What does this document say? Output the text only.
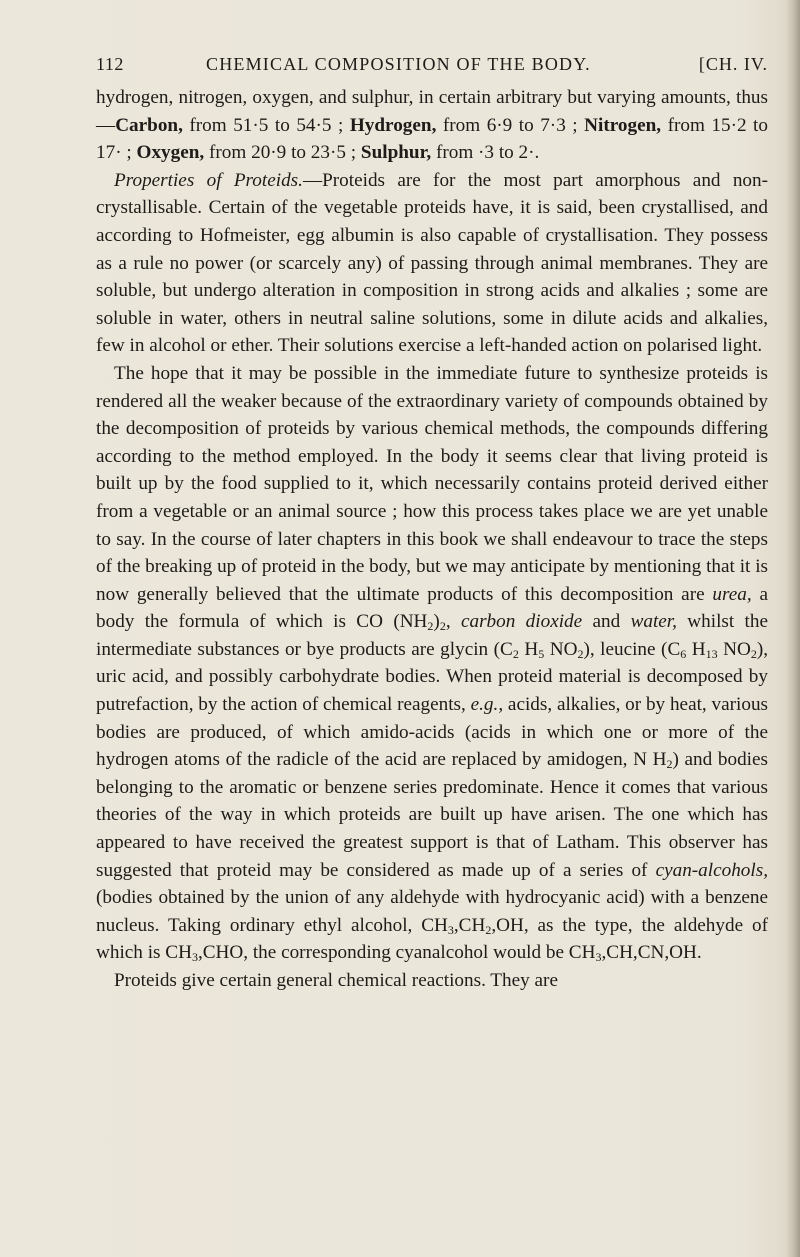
112	CHEMICAL COMPOSITION OF THE BODY.	[CH. IV.

hydrogen, nitrogen, oxygen, and sulphur, in certain arbitrary but varying amounts, thus—Carbon, from 51·5 to 54·5 ; Hydrogen, from 6·9 to 7·3 ; Nitrogen, from 15·2 to 17· ; Oxygen, from 20·9 to 23·5 ; Sulphur, from ·3 to 2·.

Properties of Proteids.—Proteids are for the most part amorphous and non-crystallisable. Certain of the vegetable proteids have, it is said, been crystallised, and according to Hofmeister, egg albumin is also capable of crystallisation. They possess as a rule no power (or scarcely any) of passing through animal membranes. They are soluble, but undergo alteration in composition in strong acids and alkalies ; some are soluble in water, others in neutral saline solutions, some in dilute acids and alkalies, few in alcohol or ether. Their solutions exercise a left-handed action on polarised light.

The hope that it may be possible in the immediate future to synthesize proteids is rendered all the weaker because of the extraordinary variety of compounds obtained by the decomposition of proteids by various chemical methods, the compounds differing according to the method employed. In the body it seems clear that living proteid is built up by the food supplied to it, which necessarily contains proteid derived either from a vegetable or an animal source ; how this process takes place we are yet unable to say. In the course of later chapters in this book we shall endeavour to trace the steps of the breaking up of proteid in the body, but we may anticipate by mentioning that it is now generally believed that the ultimate products of this decomposition are urea, a body the formula of which is CO $(NH_2)_2$, carbon dioxide and water, whilst the intermediate substances or bye products are glycin ($C_2$ $H_5$ $NO_2$), leucine ($C_6$ $H_{13}$ $NO_2$), uric acid, and possibly carbohydrate bodies. When proteid material is decomposed by putrefaction, by the action of chemical reagents, e.g., acids, alkalies, or by heat, various bodies are produced, of which amido-acids (acids in which one or more of the hydrogen atoms of the radicle of the acid are replaced by amidogen, N $H_2$) and bodies belonging to the aromatic or benzene series predominate. Hence it comes that various theories of the way in which proteids are built up have arisen. The one which has appeared to have received the greatest support is that of Latham. This observer has suggested that proteid may be considered as made up of a series of cyan-alcohols, (bodies obtained by the union of any aldehyde with hydrocyanic acid) with a benzene nucleus. Taking ordinary ethyl alcohol, $CH_3,CH_2,OH$, as the type, the aldehyde of which is $CH_3,CHO$, the corresponding cyanalcohol would be $CH_3,CH,CN,OH$.

Proteids give certain general chemical reactions. They are
